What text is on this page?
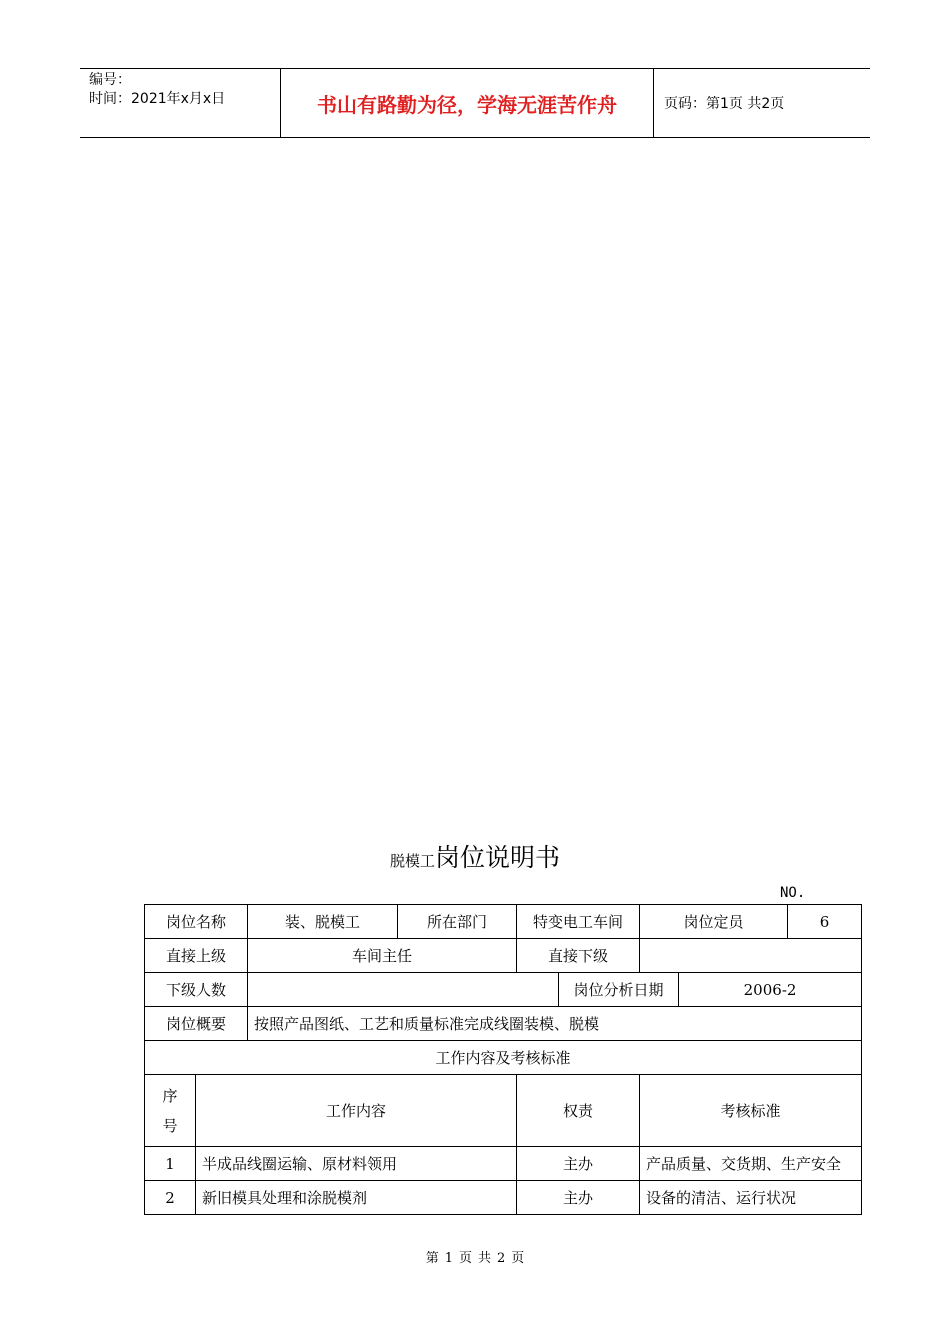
编号：
时间：2021年x月x日	书山有路勤为径，学海无涯苦作舟	页码：第1页 共2页
脱模工岗位说明书
NO.
岗位名称		装、脱模工	所在部门	特变电工车间		岗位定员		6
直接上级		车间主任		直接下级				
下级人数					岗位分析日期		2006-2	
岗位概要		按照产品图纸、工艺和质量标准完成线圈装模、脱模						
工作内容及考核标准								

序
号	工作内容			权责		考核标准		
1	半成品线圈运输、原材料领用			主办		产品质量、交货期、生产安全		
2	新旧模具处理和涂脱模剂			主办		设备的清洁、运行状况		
第 1 页 共 2 页
